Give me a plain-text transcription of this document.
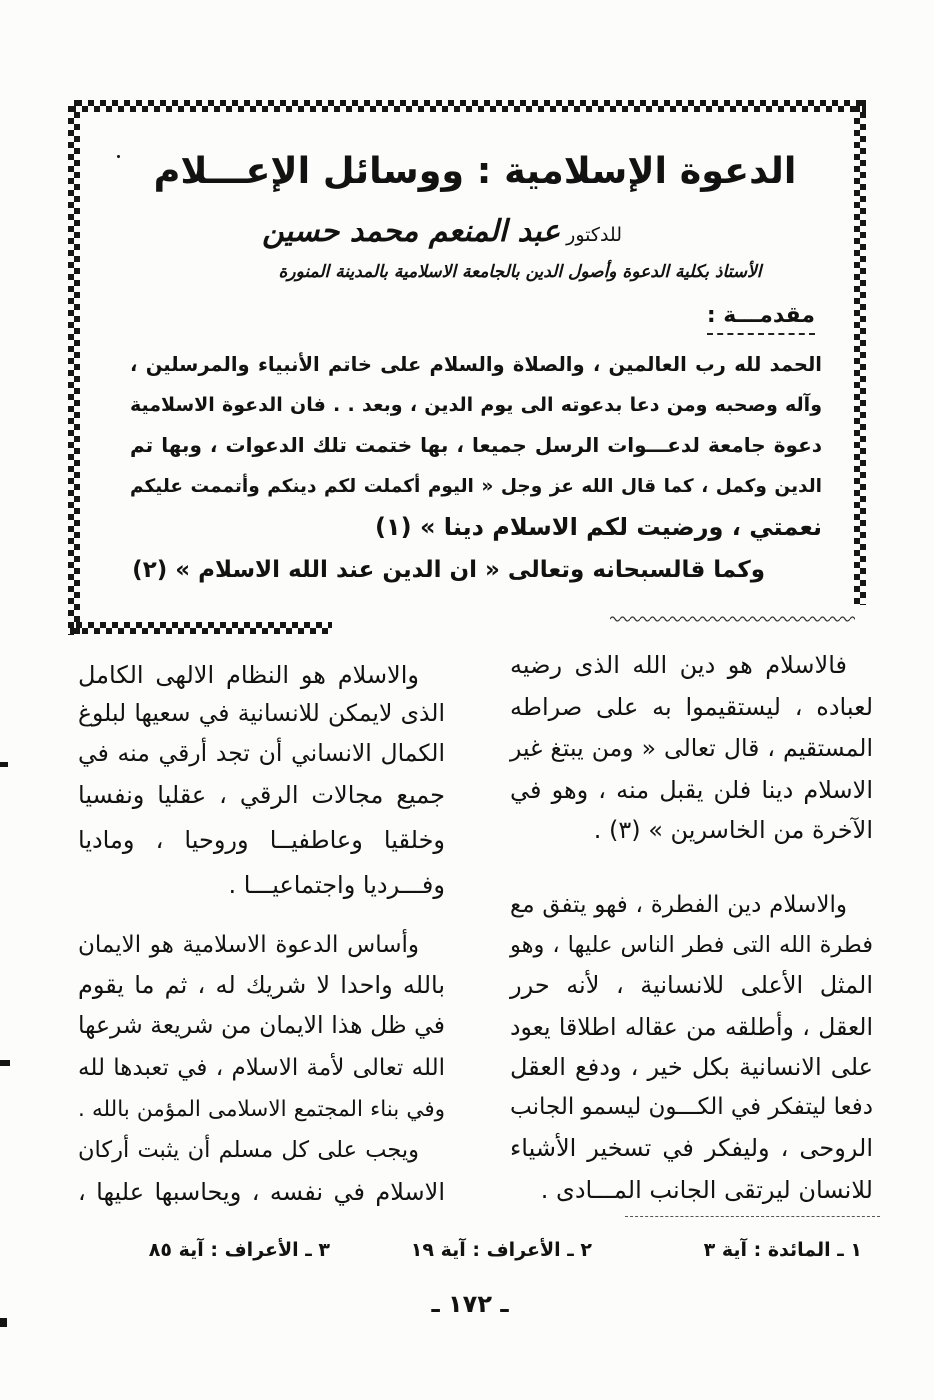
الدعوة الإسلامية : ووسائل الإعـــلام
للدكتورعبد المنعم محمد حسين
الأستاذ بكلية الدعوة وأصول الدين بالجامعة الاسلامية بالمدينة المنورة
مقدمـــة :
الحمد لله رب العالمين ، والصلاة والسلام على خاتم الأنبياء والمرسلين ،
وآله وصحبه ومن دعا بدعوته الى يوم الدين ، وبعد . . فان الدعوة الاسلامية
دعوة جامعة لدعـــوات الرسل جميعا ، بها ختمت تلك الدعوات ، وبها تم
الدين وكمل ، كما قال الله عز وجل « اليوم أكملت لكم دينكم وأتممت عليكم
نعمتي ، ورضيت لكم الاسلام دينا » (١)
وكما قالسبحانه وتعالى « ان الدين عند الله الاسلام » (٢)
فالاسلام هو دين الله الذى رضيه
لعباده ، ليستقيموا به على صراطه
المستقيم ، قال تعالى « ومن يبتغ غير
الاسلام دينا فلن يقبل منه ، وهو في
الآخرة من الخاسرين » (٣) .
والاسلام دين الفطرة ، فهو يتفق مع
فطرة الله التى فطر الناس عليها ، وهو
المثل الأعلى للانسانية ، لأنه حرر
العقل ، وأطلقه من عقاله اطلاقا يعود
على الانسانية بكل خير ، ودفع العقل
دفعا ليتفكر في الكـــون ليسمو الجانب
الروحى ، وليفكر في تسخير الأشياء
للانسان ليرتقى الجانب المـــادى .
والاسلام هو النظام الالهى الكامل
الذى لايمكن للانسانية في سعيها لبلوغ
الكمال الانساني أن تجد أرقي منه في
جميع مجالات الرقي ، عقليا ونفسيا
وخلقيا وعاطفيــا وروحيا ، وماديا
وفـــرديا واجتماعيـــا .
وأساس الدعوة الاسلامية هو الايمان
بالله واحدا لا شريك له ، ثم ما يقوم
في ظل هذا الايمان من شريعة شرعها
الله تعالى لأمة الاسلام ، في تعبدها لله
وفي بناء المجتمع الاسلامى المؤمن بالله .
ويجب على كل مسلم أن يثبت أركان
الاسلام في نفسه ، ويحاسبها عليها ،
١ ـ المائدة : آية ٣
٢ ـ الأعراف : آية ١٩
٣ ـ الأعراف : آية ٨٥
ـ ١٧٢ ـ
